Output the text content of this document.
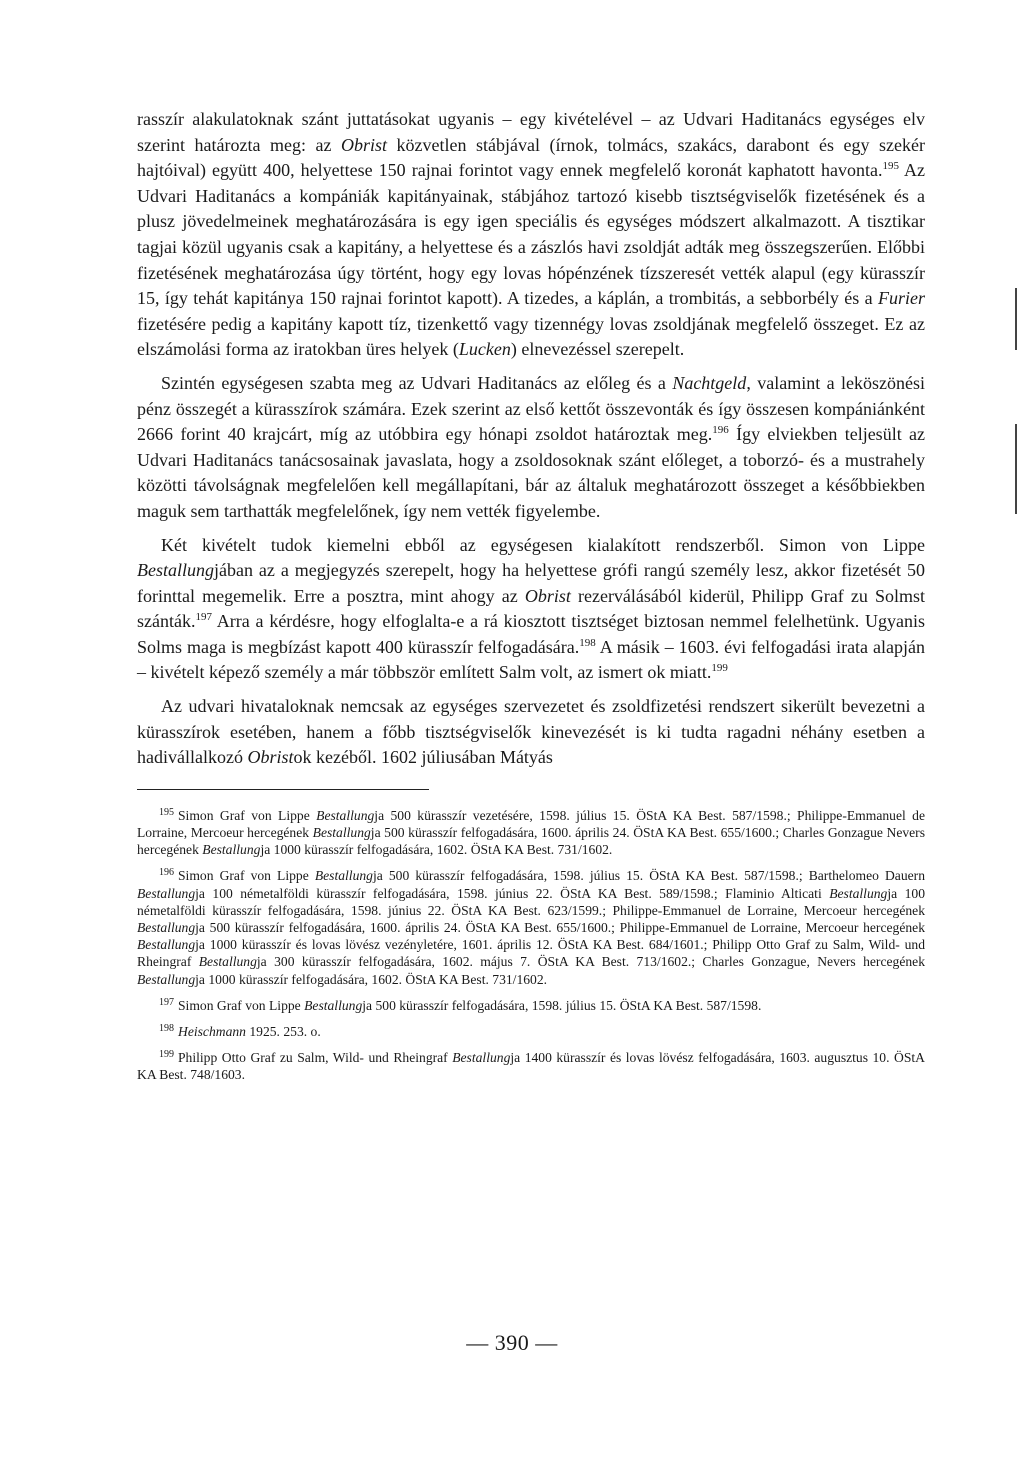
rasszír alakulatoknak szánt juttatásokat ugyanis – egy kivételével – az Udvari Haditanács egységes elv szerint határozta meg: az Obrist közvetlen stábjával (írnok, tolmács, szakács, darabont és egy szekér hajtóival) együtt 400, helyettese 150 rajnai forintot vagy ennek megfelelő koronát kaphatott havonta.$^{195}$ Az Udvari Haditanács a kompániák kapitányainak, stábjához tartozó kisebb tisztségviselők fizetésének és a plusz jövedelmeinek meghatározására is egy igen speciális és egységes módszert alkalmazott. A tisztikar tagjai közül ugyanis csak a kapitány, a helyettese és a zászlós havi zsoldját adták meg összegszerűen. Előbbi fizetésének meghatározása úgy történt, hogy egy lovas hópénzének tízszeresét vették alapul (egy kürasszír 15, így tehát kapitánya 150 rajnai forintot kapott). A tizedes, a káplán, a trombitás, a sebborbély és a Furier fizetésére pedig a kapitány kapott tíz, tizenkettő vagy tizennégy lovas zsoldjának megfelelő összeget. Ez az elszámolási forma az iratokban üres helyek (Lucken) elnevezéssel szerepelt.

Szintén egységesen szabta meg az Udvari Haditanács az előleg és a Nachtgeld, valamint a leköszönési pénz összegét a kürasszírok számára. Ezek szerint az első kettőt összevonták és így összesen kompániánként 2666 forint 40 krajcárt, míg az utóbbira egy hónapi zsoldot határoztak meg.$^{196}$ Így elviekben teljesült az Udvari Haditanács tanácsosainak javaslata, hogy a zsoldosoknak szánt előleget, a toborzó- és a mustrahely közötti távolságnak megfelelően kell megállapítani, bár az általuk meghatározott összeget a későbbiekben maguk sem tarthatták megfelelőnek, így nem vették figyelembe.

Két kivételt tudok kiemelni ebből az egységesen kialakított rendszerből. Simon von Lippe Bestallungjában az a megjegyzés szerepelt, hogy ha helyettese grófi rangú személy lesz, akkor fizetését 50 forinttal megemelik. Erre a posztra, mint ahogy az Obrist rezerválásából kiderül, Philipp Graf zu Solmst szánták.$^{197}$ Arra a kérdésre, hogy elfoglalta-e a rá kiosztott tisztséget biztosan nemmel felelhetünk. Ugyanis Solms maga is megbízást kapott 400 kürasszír felfogadására.$^{198}$ A másik – 1603. évi felfogadási irata alapján – kivételt képező személy a már többször említett Salm volt, az ismert ok miatt.$^{199}$

Az udvari hivataloknak nemcsak az egységes szervezetet és zsoldfizetési rendszert sikerült bevezetni a kürasszírok esetében, hanem a főbb tisztségviselők kinevezését is ki tudta ragadni néhány esetben a hadivállalkozó Obristok kezéből. 1602 júliusában Mátyás

$^{195}$ Simon Graf von Lippe Bestallungja 500 kürasszír vezetésére, 1598. július 15. ÖStA KA Best. 587/1598.; Philippe-Emmanuel de Lorraine, Mercoeur hercegének Bestallungja 500 kürasszír felfogadására, 1600. április 24. ÖStA KA Best. 655/1600.; Charles Gonzague Nevers hercegének Bestallungja 1000 kürasszír felfogadására, 1602. ÖStA KA Best. 731/1602.

$^{196}$ Simon Graf von Lippe Bestallungja 500 kürasszír felfogadására, 1598. július 15. ÖStA KA Best. 587/1598.; Barthelomeo Dauern Bestallungja 100 németalföldi kürasszír felfogadására, 1598. június 22. ÖStA KA Best. 589/1598.; Flaminio Alticati Bestallungja 100 németalföldi kürasszír felfogadására, 1598. június 22. ÖStA KA Best. 623/1599.; Philippe-Emmanuel de Lorraine, Mercoeur hercegének Bestallungja 500 kürasszír felfogadására, 1600. április 24. ÖStA KA Best. 655/1600.; Philippe-Emmanuel de Lorraine, Mercoeur hercegének Bestallungja 1000 kürasszír és lovas lövész vezényletére, 1601. április 12. ÖStA KA Best. 684/1601.; Philipp Otto Graf zu Salm, Wild- und Rheingraf Bestallungja 300 kürasszír felfogadására, 1602. május 7. ÖStA KA Best. 713/1602.; Charles Gonzague, Nevers hercegének Bestallungja 1000 kürasszír felfogadására, 1602. ÖStA KA Best. 731/1602.

$^{197}$ Simon Graf von Lippe Bestallungja 500 kürasszír felfogadására, 1598. július 15. ÖStA KA Best. 587/1598.

$^{198}$ Heischmann 1925. 253. o.

$^{199}$ Philipp Otto Graf zu Salm, Wild- und Rheingraf Bestallungja 1400 kürasszír és lovas lövész felfogadására, 1603. augusztus 10. ÖStA KA Best. 748/1603.

— 390 —
